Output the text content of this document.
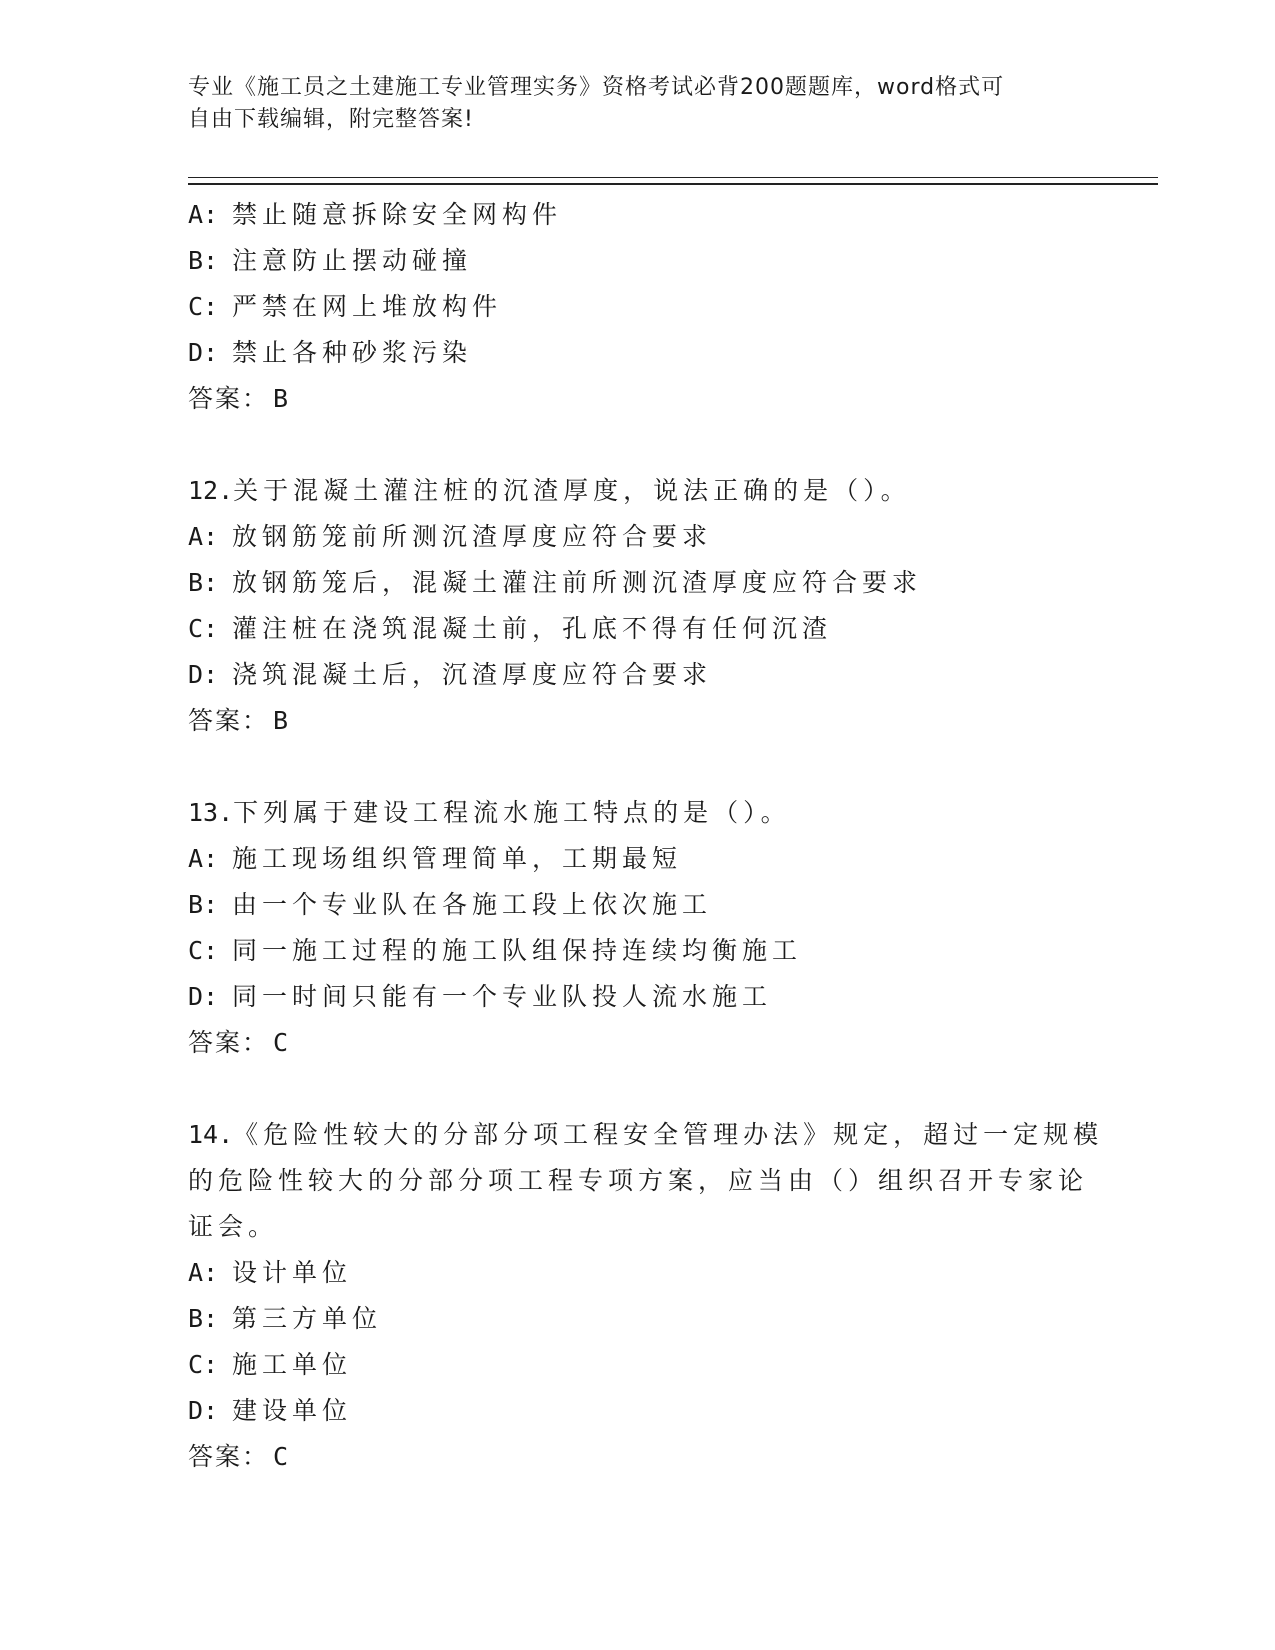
专业《施工员之土建施工专业管理实务》资格考试必背200题题库，word格式可
自由下载编辑，附完整答案!
A: 禁止随意拆除安全网构件
B: 注意防止摆动碰撞
C: 严禁在网上堆放构件
D: 禁止各种砂浆污染
答案： B
12.关于混凝土灌注桩的沉渣厚度，说法正确的是（）。
A: 放钢筋笼前所测沉渣厚度应符合要求
B: 放钢筋笼后，混凝土灌注前所测沉渣厚度应符合要求
C: 灌注桩在浇筑混凝土前，孔底不得有任何沉渣
D: 浇筑混凝土后，沉渣厚度应符合要求
答案： B
13.下列属于建设工程流水施工特点的是（）。
A: 施工现场组织管理简单，工期最短
B: 由一个专业队在各施工段上依次施工
C: 同一施工过程的施工队组保持连续均衡施工
D: 同一时间只能有一个专业队投人流水施工
答案： C
14.《危险性较大的分部分项工程安全管理办法》规定，超过一定规模
的危险性较大的分部分项工程专项方案，应当由（）组织召开专家论
证会。
A: 设计单位
B: 第三方单位
C: 施工单位
D: 建设单位
答案： C
